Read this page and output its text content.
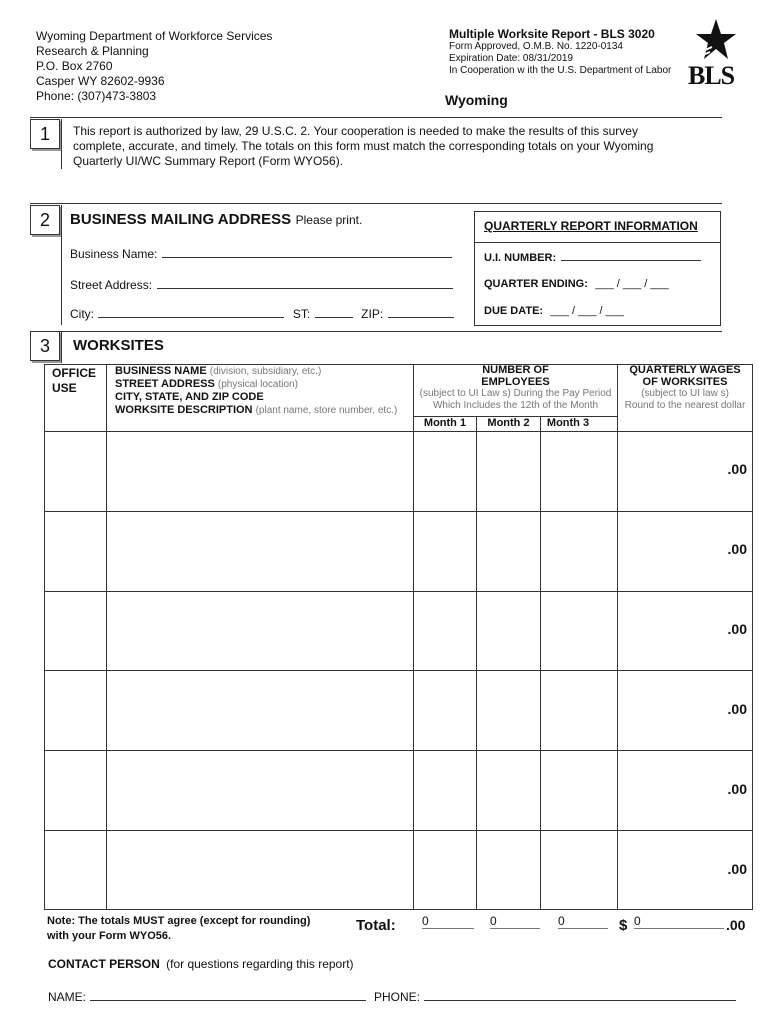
Wyoming Department of Workforce Services
Research & Planning
P.O. Box 2760
Casper WY 82602-9936
Phone: (307)473-3803
Multiple Worksite Report - BLS 3020
Form Approved, O.M.B. No. 1220-0134
Expiration Date: 08/31/2019
In Cooperation w ith the U.S. Department of Labor
Wyoming
BLS
1	This report is authorized by law, 29 U.S.C. 2. Your cooperation is needed to make the results of this survey
complete, accurate, and timely. The totals on this form must match the corresponding totals on your Wyoming
Quarterly UI/WC Summary Report (Form WYO56).
2	BUSINESS MAILING ADDRESS Please print.
Business Name:
Street Address:
City:	ST:	ZIP:
QUARTERLY REPORT INFORMATION
U.I. NUMBER:
QUARTER ENDING: ___ / ___ / ___
DUE DATE: ___ / ___ / ___
3	WORKSITES
OFFICE
USE
BUSINESS NAME (division, subsidiary, etc.)
STREET ADDRESS (physical location)
CITY, STATE, AND ZIP CODE
WORKSITE DESCRIPTION (plant name, store number, etc.)
NUMBER OF
EMPLOYEES
(subject to UI Law s) During the Pay Period
Which Includes the 12th of the Month
Month 1	Month 2	Month 3
QUARTERLY WAGES
OF WORKSITES
(subject to UI law s)
Round to the nearest dollar
.00
.00
.00
.00
.00
.00
Note: The totals MUST agree (except for rounding)
with your Form WYO56.
Total: 0	0	0	$ 0	.00
CONTACT PERSON (for questions regarding this report)
NAME:	PHONE:
